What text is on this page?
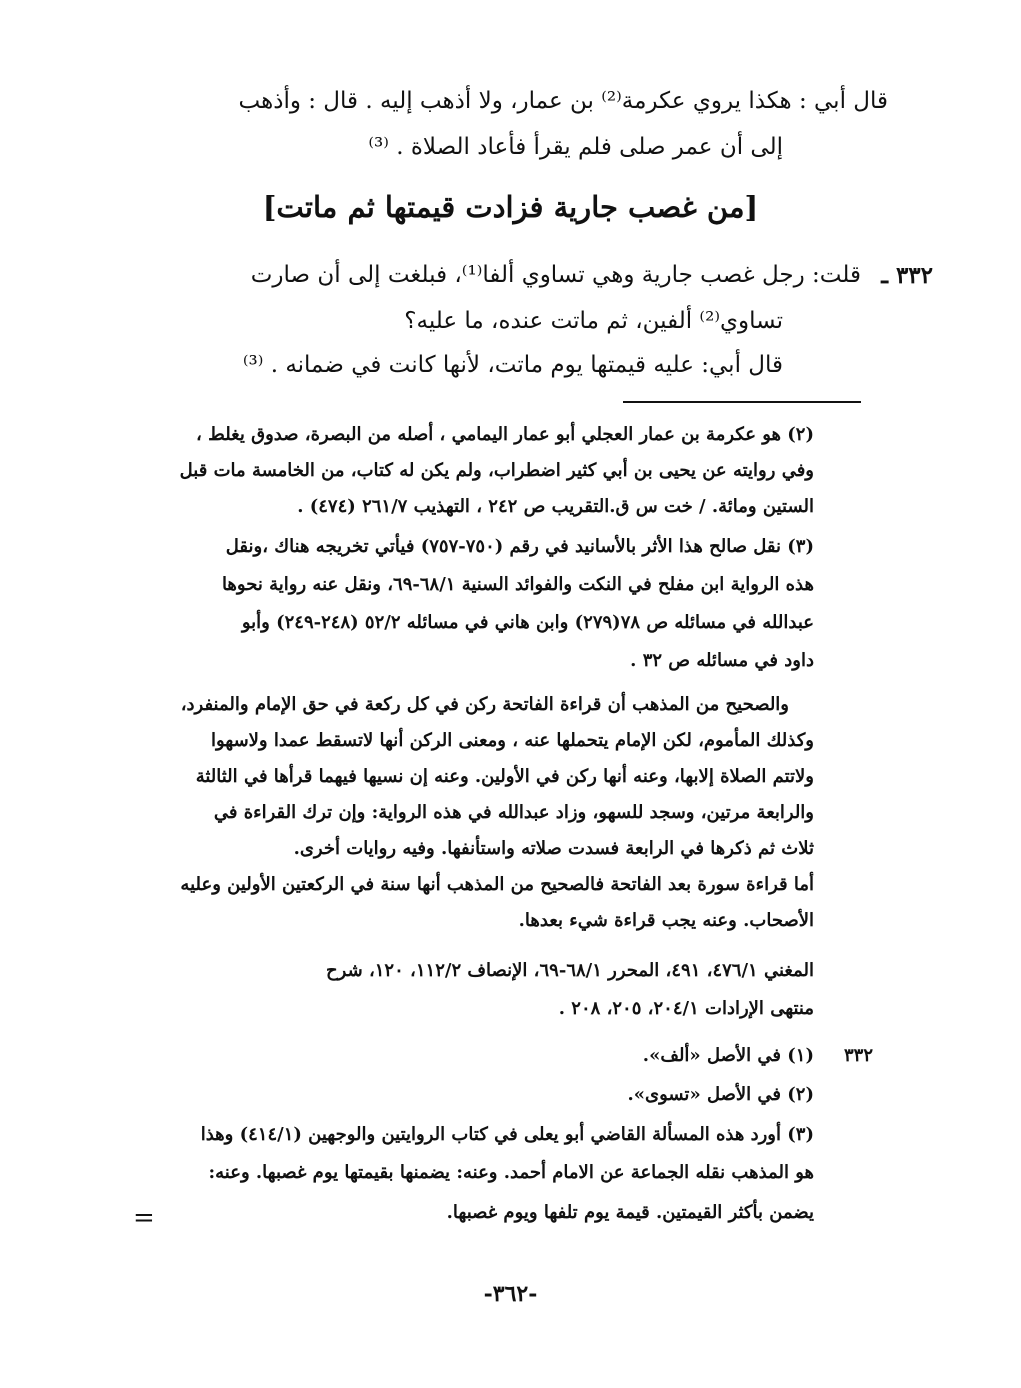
قال أبي : هكذا يروي عكرمة⁽²⁾ بن عمار، ولا أذهب إليه . قال : وأذهب
إلى أن عمر صلى فلم يقرأ فأعاد الصلاة . ⁽³⁾
[من غصب جارية فزادت قيمتها ثم ماتت]
٣٣٢ ـ
قلت: رجل غصب جارية وهي تساوي ألفا⁽¹⁾، فبلغت إلى أن صارت
تساوي⁽²⁾ ألفين، ثم ماتت عنده، ما عليه؟
قال أبي: عليه قيمتها يوم ماتت، لأنها كانت في ضمانه . ⁽³⁾
(٢) هو عكرمة بن عمار العجلي أبو عمار اليمامي ، أصله من البصرة، صدوق يغلط ،
وفي روايته عن يحيى بن أبي كثير اضطراب، ولم يكن له كتاب، من الخامسة مات قبل
الستين ومائة. / خت س ق.التقريب ص ٢٤٢ ، التهذيب ٢٦١/٧ (٤٧٤) .
(٣) نقل صالح هذا الأثر بالأسانيد في رقم (٧٥٠-٧٥٧) فيأتي تخريجه هناك ،ونقل
هذه الرواية ابن مفلح في النكت والفوائد السنية ٦٨/١-٦٩، ونقل عنه رواية نحوها
عبدالله في مسائله ص ٧٨(٢٧٩) وابن هاني في مسائله ٥٢/٢ (٢٤٨-٢٤٩) وأبو
داود في مسائله ص ٣٢ .
والصحيح من المذهب أن قراءة الفاتحة ركن في كل ركعة في حق الإمام والمنفرد،
وكذلك المأموم، لكن الإمام يتحملها عنه ، ومعنى الركن أنها لاتسقط عمدا ولاسهوا
ولاتتم الصلاة إلابها، وعنه أنها ركن في الأولين. وعنه إن نسيها فيهما قرأها في الثالثة
والرابعة مرتين، وسجد للسهو، وزاد عبدالله في هذه الرواية: وإن ترك القراءة في
ثلاث ثم ذكرها في الرابعة فسدت صلاته واستأنفها. وفيه روايات أخرى.
أما قراءة سورة بعد الفاتحة فالصحيح من المذهب أنها سنة في الركعتين الأولين وعليه
الأصحاب. وعنه يجب قراءة شيء بعدها.
المغني ٤٧٦/١، ٤٩١، المحرر ٦٨/١-٦٩، الإنصاف ١١٢/٢، ١٢٠، شرح
منتهى الإرادات ٢٠٤/١، ٢٠٥، ٢٠٨ .
٣٣٢
(١) في الأصل «ألف».
(٢) في الأصل «تسوى».
(٣) أورد هذه المسألة القاضي أبو يعلى في كتاب الروايتين والوجهين (٤١٤/١) وهذا
هو المذهب نقله الجماعة عن الامام أحمد. وعنه: يضمنها بقيمتها يوم غصبها. وعنه:
يضمن بأكثر القيمتين. قيمة يوم تلفها ويوم غصبها.
=
-٣٦٢-
